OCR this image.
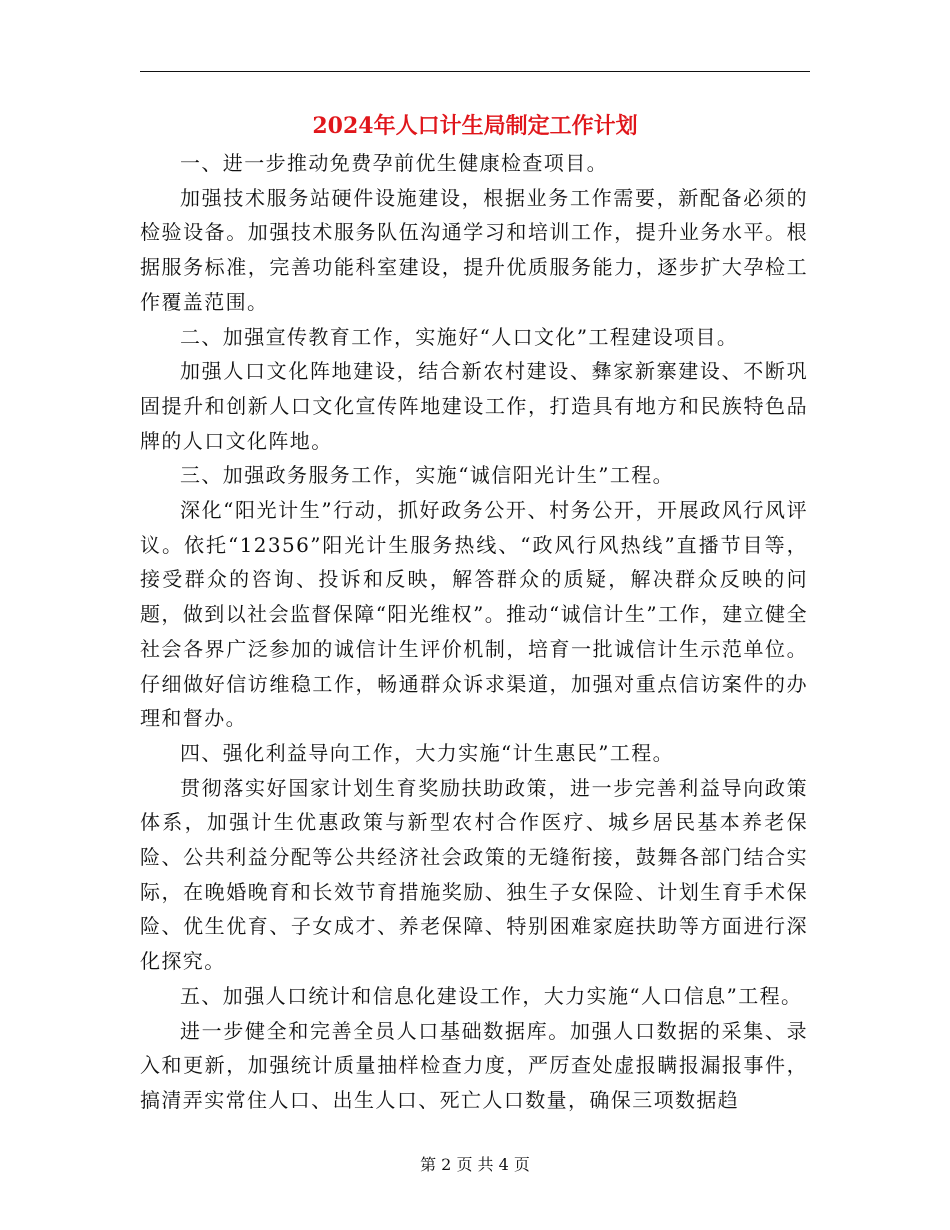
2024年人口计生局制定工作计划

一、进一步推动免费孕前优生健康检查项目。

加强技术服务站硬件设施建设，根据业务工作需要，新配备必须的检验设备。加强技术服务队伍沟通学习和培训工作，提升业务水平。根据服务标准，完善功能科室建设，提升优质服务能力，逐步扩大孕检工作覆盖范围。

二、加强宣传教育工作，实施好“人口文化”工程建设项目。

加强人口文化阵地建设，结合新农村建设、彝家新寨建设、不断巩固提升和创新人口文化宣传阵地建设工作，打造具有地方和民族特色品牌的人口文化阵地。

三、加强政务服务工作，实施“诚信阳光计生”工程。

深化“阳光计生”行动，抓好政务公开、村务公开，开展政风行风评议。依托“12356”阳光计生服务热线、“政风行风热线”直播节目等，接受群众的咨询、投诉和反映，解答群众的质疑，解决群众反映的问题，做到以社会监督保障“阳光维权”。推动“诚信计生”工作，建立健全社会各界广泛参加的诚信计生评价机制，培育一批诚信计生示范单位。仔细做好信访维稳工作，畅通群众诉求渠道，加强对重点信访案件的办理和督办。

四、强化利益导向工作，大力实施“计生惠民”工程。

贯彻落实好国家计划生育奖励扶助政策，进一步完善利益导向政策体系，加强计生优惠政策与新型农村合作医疗、城乡居民基本养老保险、公共利益分配等公共经济社会政策的无缝衔接，鼓舞各部门结合实际，在晚婚晚育和长效节育措施奖励、独生子女保险、计划生育手术保险、优生优育、子女成才、养老保障、特别困难家庭扶助等方面进行深化探究。

五、加强人口统计和信息化建设工作，大力实施“人口信息”工程。

进一步健全和完善全员人口基础数据库。加强人口数据的采集、录入和更新，加强统计质量抽样检查力度，严厉查处虚报瞒报漏报事件，搞清弄实常住人口、出生人口、死亡人口数量，确保三项数据趋

第 2 页 共 4 页
